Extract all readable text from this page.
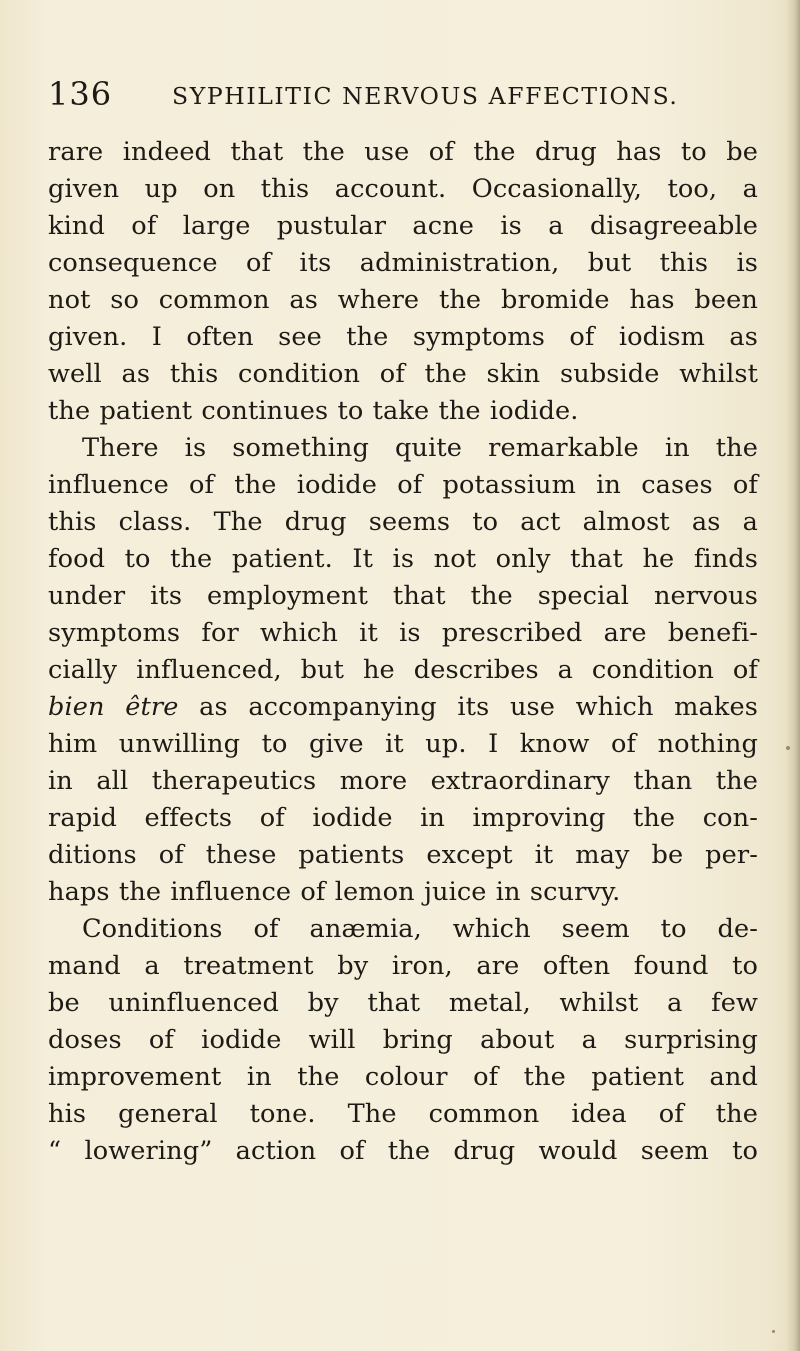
136	SYPHILITIC NERVOUS AFFECTIONS.
rare indeed that the use of the drug has to be
given up on this account. Occasionally, too, a
kind of large pustular acne is a disagreeable
consequence of its administration, but this is
not so common as where the bromide has been
given. I often see the symptoms of iodism as
well as this condition of the skin subside whilst
the patient continues to take the iodide.
There is something quite remarkable in the
influence of the iodide of potassium in cases of
this class. The drug seems to act almost as a
food to the patient. It is not only that he finds
under its employment that the special nervous
symptoms for which it is prescribed are benefi-
cially influenced, but he describes a condition of
bien être as accompanying its use which makes
him unwilling to give it up. I know of nothing
in all therapeutics more extraordinary than the
rapid effects of iodide in improving the con-
ditions of these patients except it may be per-
haps the influence of lemon juice in scurvy.
Conditions of anæmia, which seem to de-
mand a treatment by iron, are often found to
be uninfluenced by that metal, whilst a few
doses of iodide will bring about a surprising
improvement in the colour of the patient and
his general tone. The common idea of the
“ lowering” action of the drug would seem to
